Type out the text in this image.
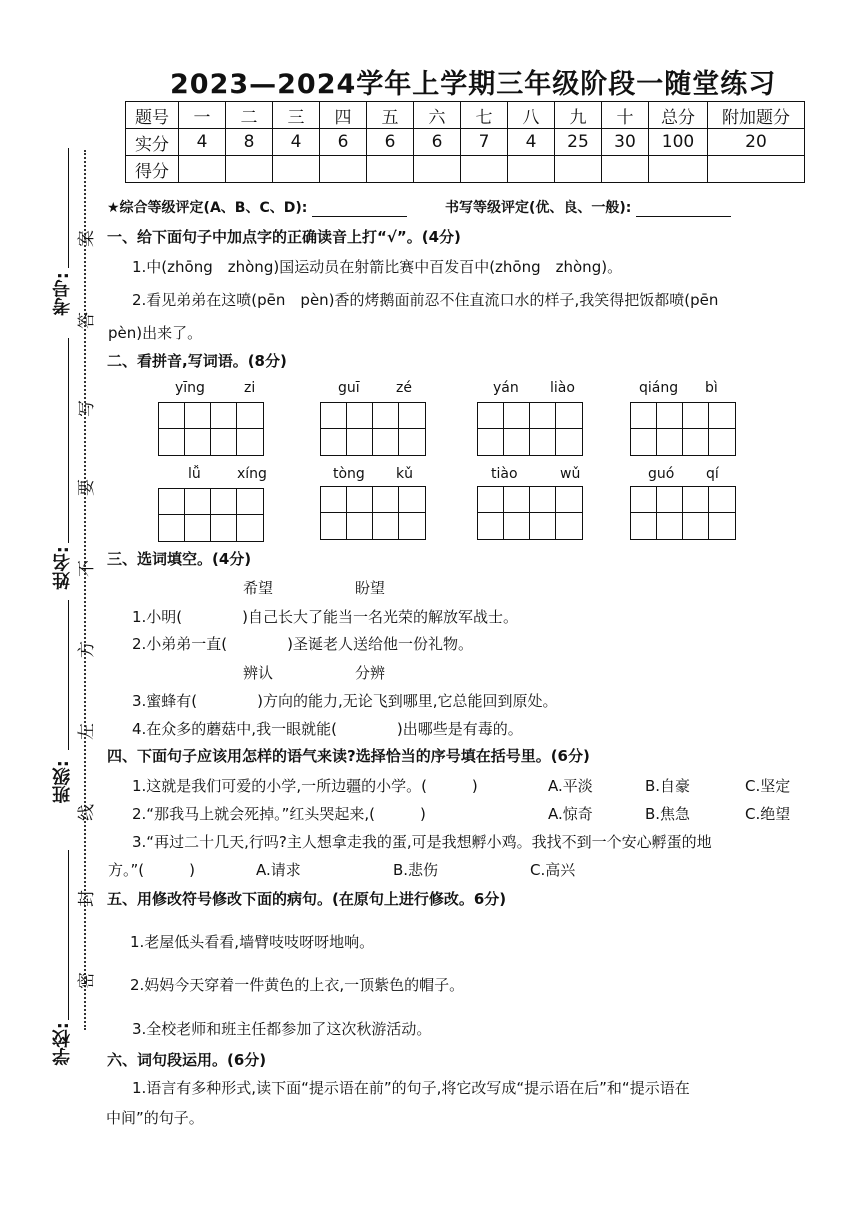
2023—2024学年上学期三年级阶段一随堂练习
题号	一	二	三	四	五	六	七	八	九	十	总分	附加题分
实分	4	8	4	6	6	6	7	4	25	30	100	20
得分												
★综合等级评定(A、B、C、D):	书写等级评定(优、良、一般):
考号:
姓名:
班级:
学校:
案
答
写
要
不
方
左
线
封
密
一、给下面句子中加点字的正确读音上打“√”。(4分)
1.中(zhōng　zhòng)国运动员在射箭比赛中百发百中(zhōng　zhòng)。
2.看见弟弟在这喷(pēn　pèn)香的烤鹅面前忍不住直流口水的样子,我笑得把饭都喷(pēn
pèn)出来了。
二、看拼音,写词语。(8分)
yīng	zi	guī	zé	yán liào	qiáng bì
lǚ	xíng	tòng kǔ	tiào	wǔ	guó qí
三、选词填空。(4分)
希望	盼望
1.小明(　　　　)自己长大了能当一名光荣的解放军战士。
2.小弟弟一直(　　　　)圣诞老人送给他一份礼物。
辨认	分辨
3.蜜蜂有(　　　　)方向的能力,无论飞到哪里,它总能回到原处。
4.在众多的蘑菇中,我一眼就能(　　　　)出哪些是有毒的。
四、下面句子应该用怎样的语气来读?选择恰当的序号填在括号里。(6分)
1.这就是我们可爱的小学,一所边疆的小学。(　　　)	A.平淡	B.自豪	C.坚定
2.“那我马上就会死掉。”红头哭起来,(　　　)	A.惊奇	B.焦急	C.绝望
3.“再过二十几天,行吗?主人想拿走我的蛋,可是我想孵小鸡。我找不到一个安心孵蛋的地
方。”(　　　)	A.请求	B.悲伤	C.高兴
五、用修改符号修改下面的病句。(在原句上进行修改。6分)
1.老屋低头看看,墙臂吱吱呀呀地响。
2.妈妈今天穿着一件黄色的上衣,一顶紫色的帽子。
3.全校老师和班主任都参加了这次秋游活动。
六、词句段运用。(6分)
1.语言有多种形式,读下面“提示语在前”的句子,将它改写成“提示语在后”和“提示语在
中间”的句子。
